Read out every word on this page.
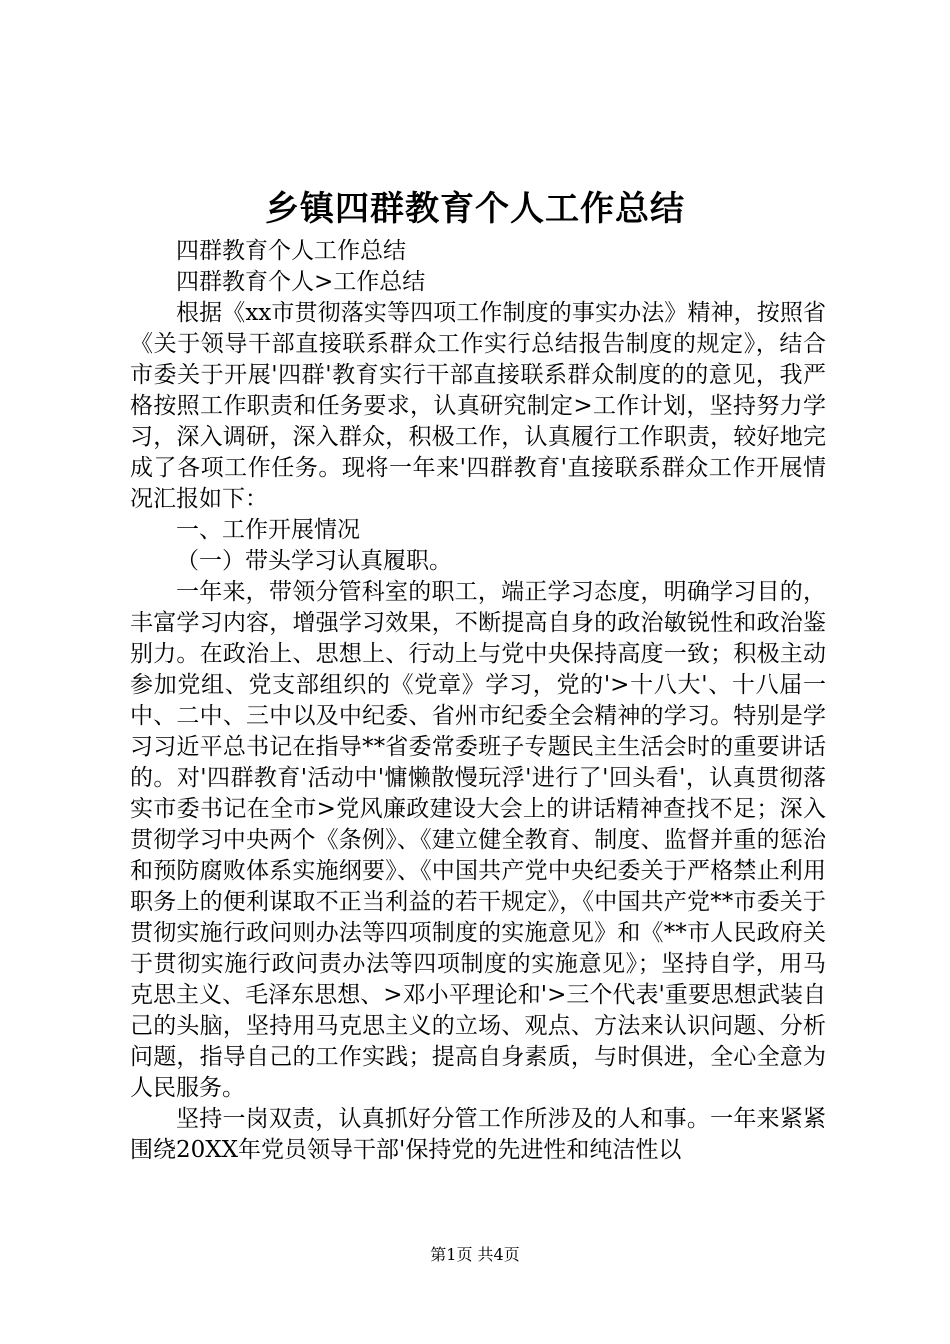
乡镇四群教育个人工作总结

四群教育个人工作总结

四群教育个人>工作总结

根据《xx市贯彻落实等四项工作制度的事实办法》精神，按照省《关于领导干部直接联系群众工作实行总结报告制度的规定》，结合市委关于开展'四群'教育实行干部直接联系群众制度的的意见，我严格按照工作职责和任务要求，认真研究制定>工作计划，坚持努力学习，深入调研，深入群众，积极工作，认真履行工作职责，较好地完成了各项工作任务。现将一年来'四群教育'直接联系群众工作开展情况汇报如下：

一、工作开展情况

（一）带头学习认真履职。

一年来，带领分管科室的职工，端正学习态度，明确学习目的，丰富学习内容，增强学习效果，不断提高自身的政治敏锐性和政治鉴别力。在政治上、思想上、行动上与党中央保持高度一致；积极主动参加党组、党支部组织的《党章》学习，党的'>十八大'、十八届一中、二中、三中以及中纪委、省州市纪委全会精神的学习。特别是学习习近平总书记在指导**省委常委班子专题民主生活会时的重要讲话的。对'四群教育'活动中'慵懒散慢玩浮'进行了'回头看'，认真贯彻落实市委书记在全市>党风廉政建设大会上的讲话精神查找不足；深入贯彻学习中央两个《条例》、《建立健全教育、制度、监督并重的惩治和预防腐败体系实施纲要》、《中国共产党中央纪委关于严格禁止利用职务上的便利谋取不正当利益的若干规定》，《中国共产党**市委关于贯彻实施行政问则办法等四项制度的实施意见》和《**市人民政府关于贯彻实施行政问责办法等四项制度的实施意见》；坚持自学，用马克思主义、毛泽东思想、>邓小平理论和'>三个代表'重要思想武装自己的头脑，坚持用马克思主义的立场、观点、方法来认识问题、分析问题，指导自己的工作实践；提高自身素质，与时俱进，全心全意为人民服务。

坚持一岗双责，认真抓好分管工作所涉及的人和事。一年来紧紧围绕20XX年党员领导干部'保持党的先进性和纯洁性以

第1页 共4页
